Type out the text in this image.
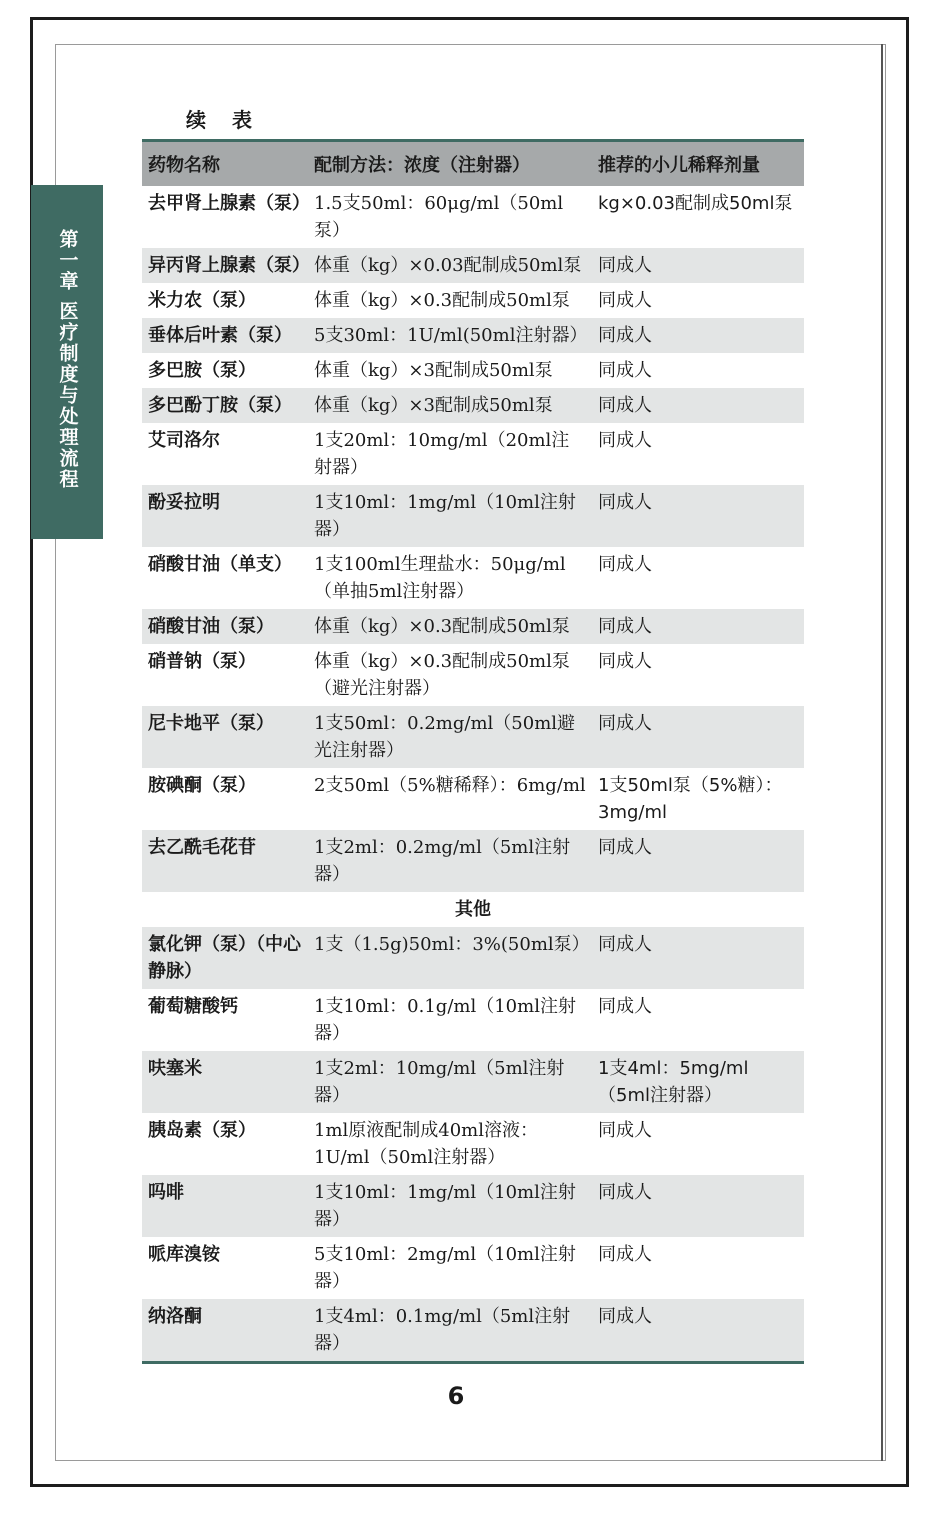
第一章 医疗制度与处理流程
续表
药物名称	配制方法：浓度（注射器）	推荐的小儿稀释剂量
去甲肾上腺素（泵）	1.5支50ml：60μg/ml（50ml泵）	kg×0.03配制成50ml泵
异丙肾上腺素（泵）	体重（kg）×0.03配制成50ml泵	同成人
米力农（泵）	体重（kg）×0.3配制成50ml泵	同成人
垂体后叶素（泵）	5支30ml：1U/ml(50ml注射器）	同成人
多巴胺（泵）	体重（kg）×3配制成50ml泵	同成人
多巴酚丁胺（泵）	体重（kg）×3配制成50ml泵	同成人
艾司洛尔	1支20ml：10mg/ml（20ml注射器）	同成人
酚妥拉明	1支10ml：1mg/ml（10ml注射器）	同成人
硝酸甘油（单支）	1支100ml生理盐水：50μg/ml（单抽5ml注射器）	同成人
硝酸甘油（泵）	体重（kg）×0.3配制成50ml泵	同成人
硝普钠（泵）	体重（kg）×0.3配制成50ml泵（避光注射器）	同成人
尼卡地平（泵）	1支50ml：0.2mg/ml（50ml避光注射器）	同成人
胺碘酮（泵）	2支50ml（5%糖稀释）：6mg/ml	1支50ml泵（5%糖）：3mg/ml
去乙酰毛花苷	1支2ml：0.2mg/ml（5ml注射器）	同成人
其他		
氯化钾（泵）（中心静脉）	1支（1.5g)50ml：3%(50ml泵）	同成人
葡萄糖酸钙	1支10ml：0.1g/ml（10ml注射器）	同成人
呋塞米	1支2ml：10mg/ml（5ml注射器）	1支4ml：5mg/ml（5ml注射器）
胰岛素（泵）	1ml原液配制成40ml溶液：1U/ml（50ml注射器）	同成人
吗啡	1支10ml：1mg/ml（10ml注射器）	同成人
哌库溴铵	5支10ml：2mg/ml（10ml注射器）	同成人
纳洛酮	1支4ml：0.1mg/ml（5ml注射器）	同成人
6
